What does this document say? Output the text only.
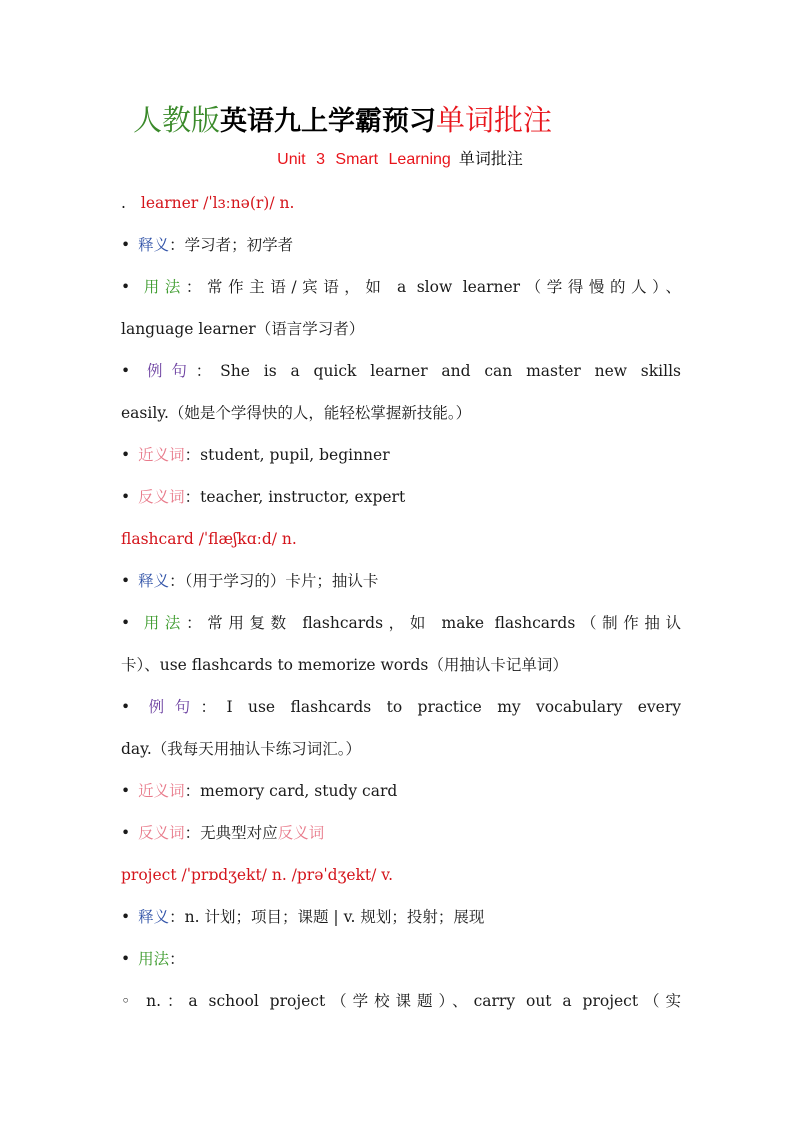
人教版英语九上学霸预习单词批注
Unit 3 Smart Learning 单词批注
. learner /ˈlɜːnə(r)/ n.
• 释义：学习者；初学者
• 用法：常作主语/宾语，如 a slow learner（学得慢的人）、
language learner（语言学习者）
• 例句：She is a quick learner and can master new skills
easily.（她是个学得快的人，能轻松掌握新技能。）
• 近义词：student, pupil, beginner
• 反义词：teacher, instructor, expert
flashcard /ˈflæʃkɑːd/ n.
• 释义：（用于学习的）卡片；抽认卡
• 用法：常用复数 flashcards，如 make flashcards（制作抽认
卡）、use flashcards to memorize words（用抽认卡记单词）
• 例句：I use flashcards to practice my vocabulary every
day.（我每天用抽认卡练习词汇。）
• 近义词：memory card, study card
• 反义词：无典型对应反义词
project /ˈprɒdʒekt/ n. /prəˈdʒekt/ v.
• 释义：n. 计划；项目；课题 | v. 规划；投射；展现
• 用法：
◦ n.：a school project（学校课题）、carry out a project（实
